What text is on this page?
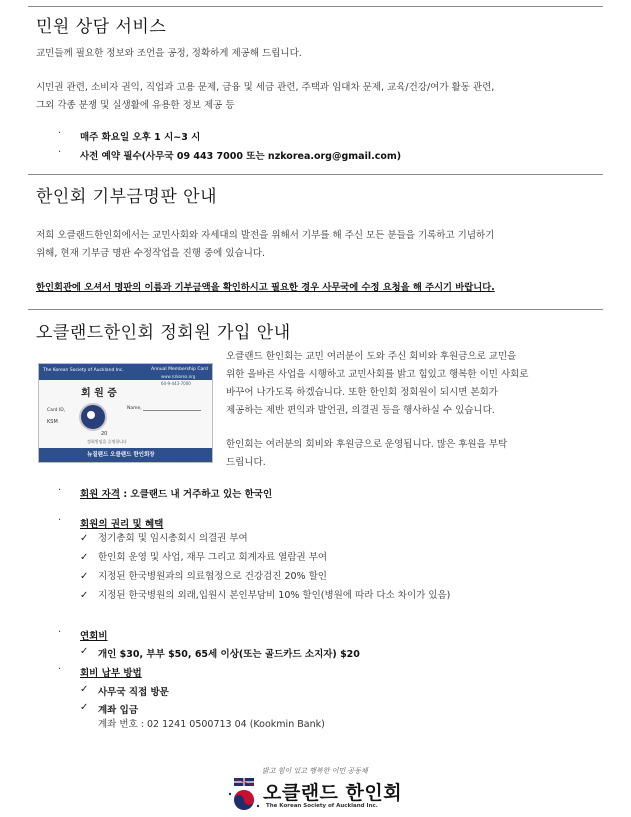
민원 상담 서비스
교민들께 필요한 정보와 조언을 공정, 정확하게 제공해 드립니다.
시민권 관련, 소비자 권익, 직업과 고용 문제, 금융 및 세금 관련, 주택과 임대차 문제, 교육/건강/여가 활동 관련,
그외 각종 분쟁 및 실생활에 유용한 정보 제공 등
· 매주 화요일 오후 1 시~3 시
· 사전 예약 필수(사무국 09 443 7000 또는 nzkorea.org@gmail.com)
한인회 기부금명판 안내
저희 오클랜드한인회에서는 교민사회와 자세대의 발전을 위해서 기부를 해 주신 모든 분들을 기록하고 기념하기
위해, 현재 기부금 명판 수정작업을 진행 중에 있습니다.
한인회관에 오셔서 명판의 이름과 기부금액을 확인하시고 필요한 경우 사무국에 수정 요청을 해 주시기 바랍니다.
오클랜드한인회 정회원 가입 안내
The Korean Society of Auckland Inc.	Annual Membership Card
www.nzkorea.org
64-9-443-7000
회 원 증
Card ID,
KSM
Name,
20
정회원임을 증명합니다
뉴질랜드 오클랜드 한인회장
오클랜드 한인회는 교민 여러분이 도와 주신 회비와 후원금으로 교민을
위한 올바른 사업을 시행하고 교민사회를 밝고 힘있고 행복한 이민 사회로
바꾸어 나가도록 하겠습니다. 또한 한인회 정회원이 되시면 본회가
제공하는 제반 편익과 발언권, 의결권 등을 행사하실 수 있습니다.
한인회는 여러분의 회비와 후원금으로 운영됩니다. 많은 후원을 부탁
드립니다.
· 회원 자격 : 오클랜드 내 거주하고 있는 한국인
· 회원의 권리 및 혜택
✓ 정기총회 및 임시총회시 의결권 부여
✓ 한인회 운영 및 사업, 재무 그리고 회계자료 열람권 부여
✓ 지정된 한국병원과의 의료협정으로 건강검진 20% 할인
✓ 지정된 한국병원의 외래,입원시 본인부담비 10% 할인(병원에 따라 다소 차이가 있음)
· 연회비
✓ 개인 $30, 부부 $50, 65세 이상(또는 골드카드 소지자) $20
· 회비 납부 방법
✓ 사무국 직접 방문
✓ 계좌 입금
계좌 번호 : 02 1241 0500713 04 (Kookmin Bank)
밝고 힘이 있고 행복한 이민 공동체
오클랜드 한인회
The Korean Society of Auckland Inc.
